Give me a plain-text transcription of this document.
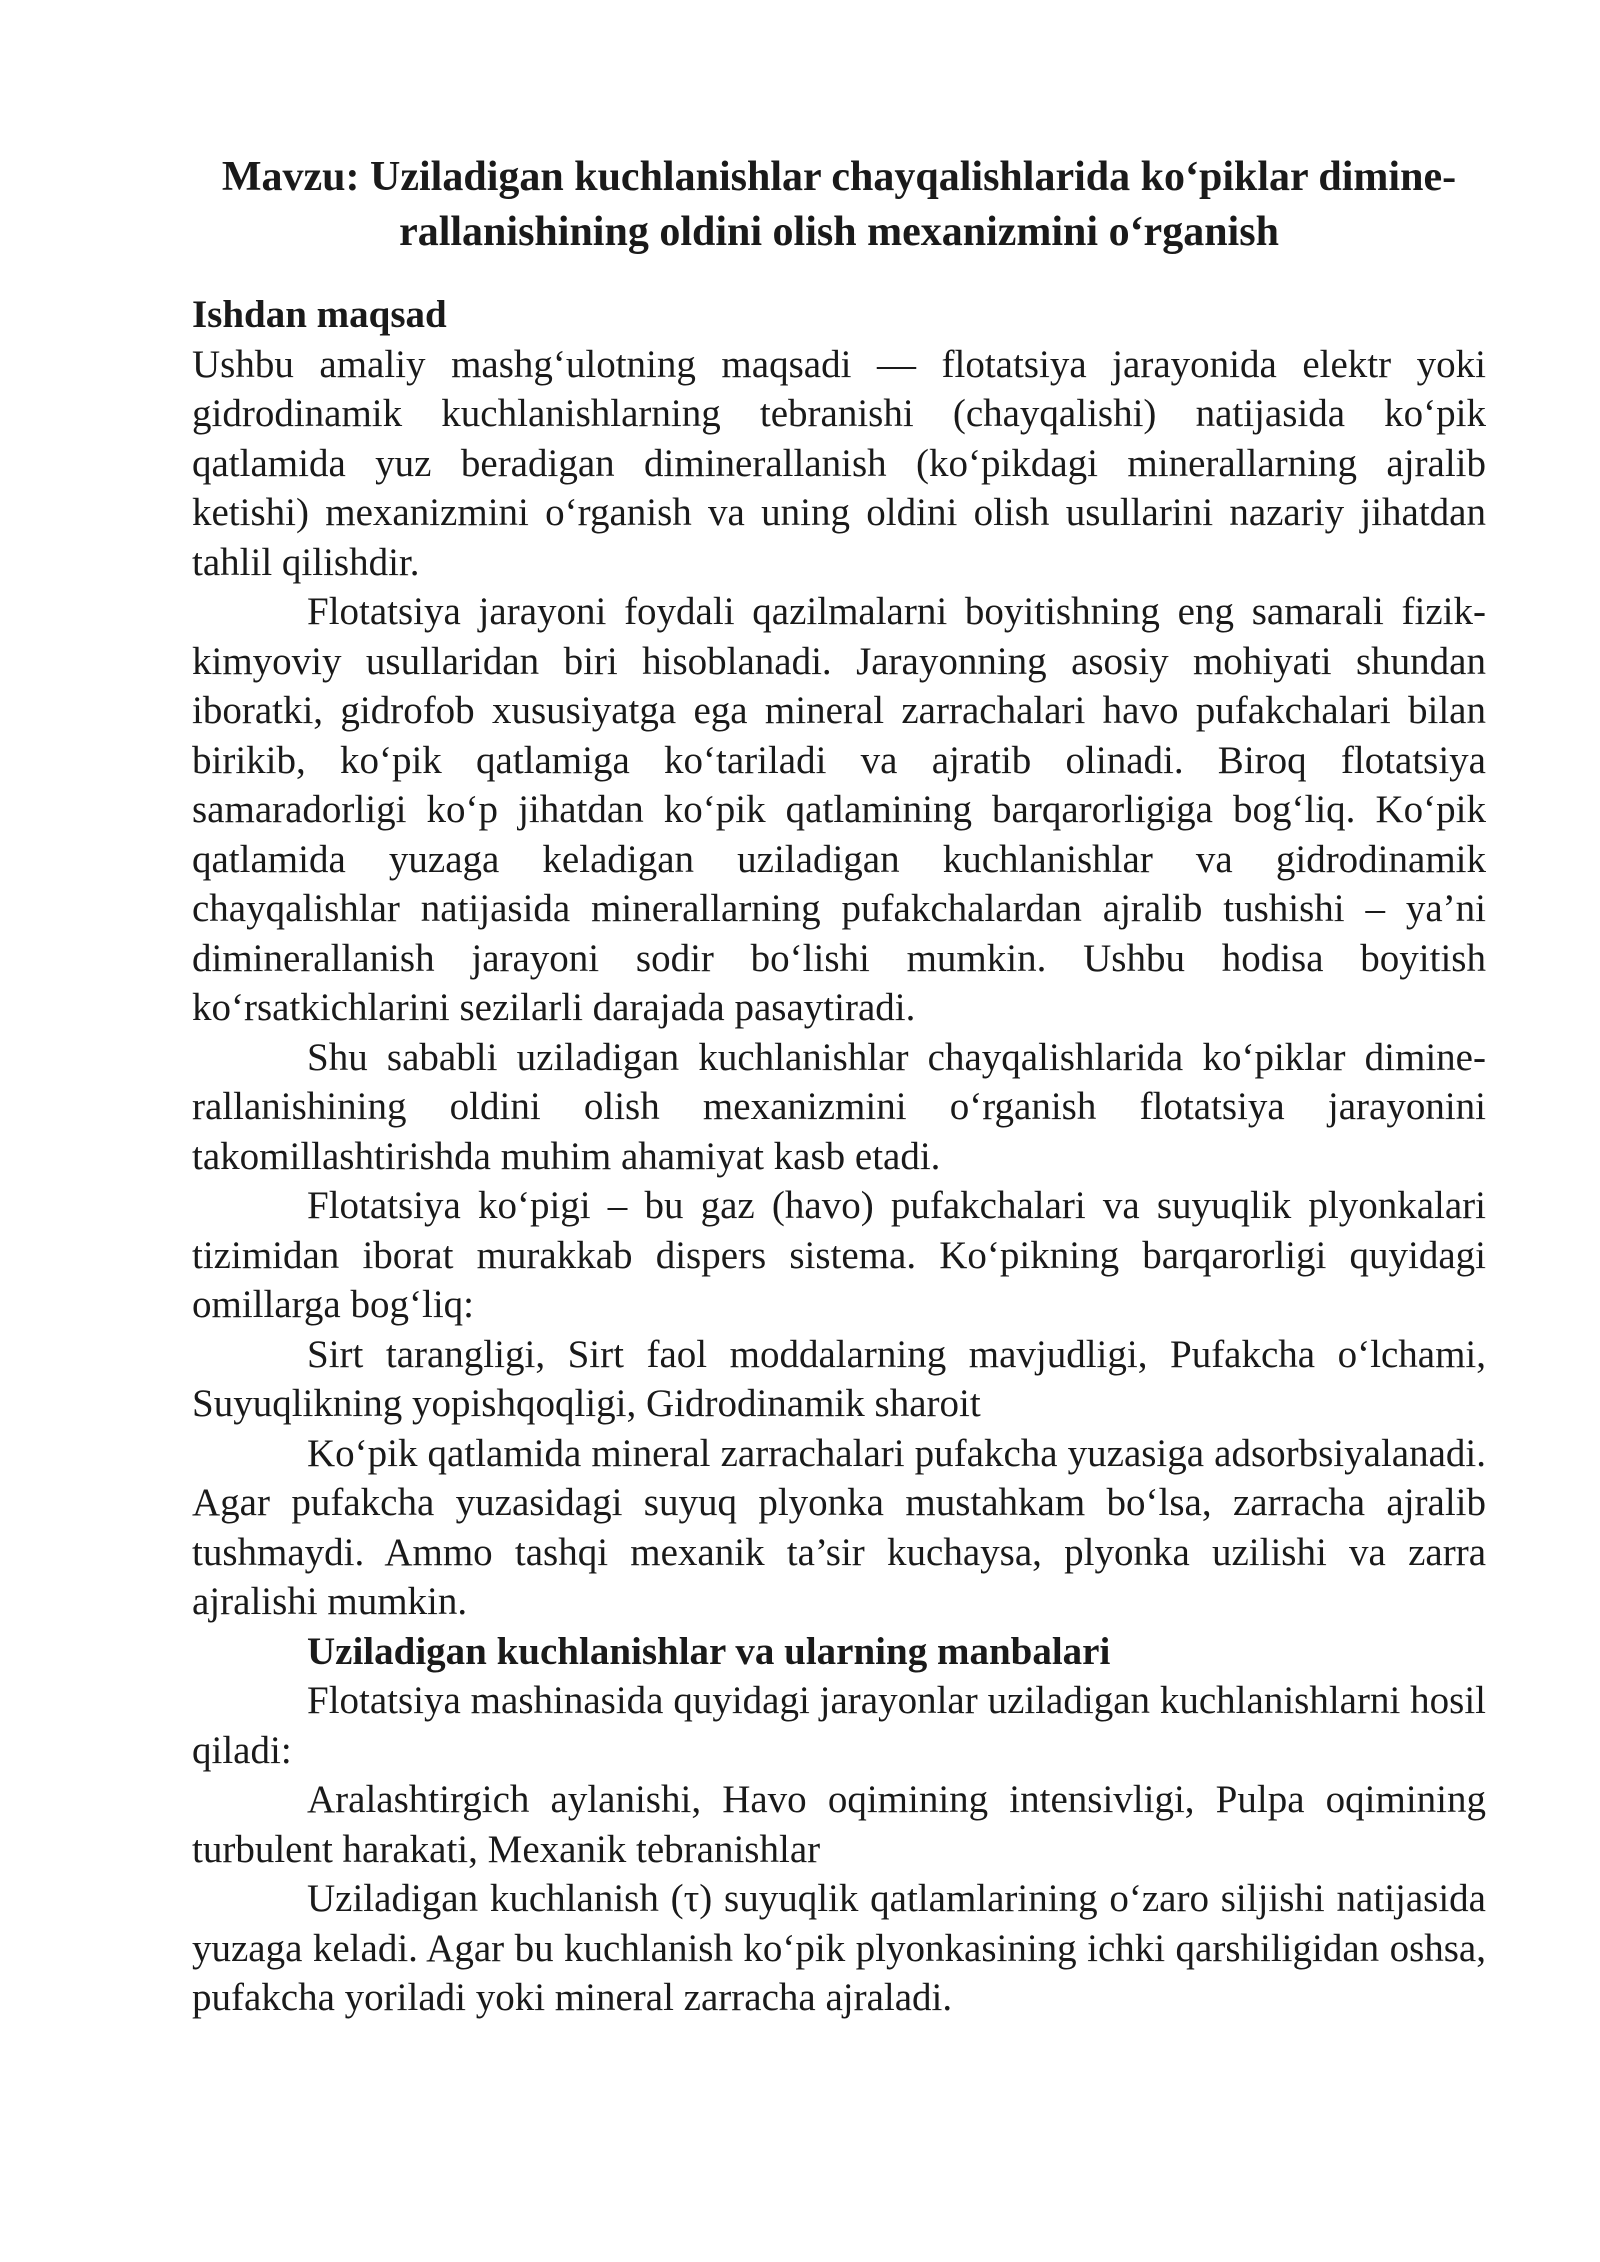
Mavzu: Uziladigan kuchlanishlar chayqalishlarida ko‘piklar diminerallanishining oldini olish mexanizmini o‘rganish
Ishdan maqsad

Ushbu amaliy mashg‘ulotning maqsadi — flotatsiya jarayonida elektr yoki gidrodinamik kuchlanishlarning tebranishi (chayqalishi) natijasida ko‘pik qatlamida yuz beradigan diminerallanish (ko‘pikdagi minerallarning ajralib ketishi) mexanizmini o‘rganish va uning oldini olish usullarini nazariy jihatdan tahlil qilishdir.

Flotatsiya jarayoni foydali qazilmalarni boyitishning eng samarali fizik-kimyoviy usullaridan biri hisoblanadi. Jarayonning asosiy mohiyati shundan iboratki, gidrofob xususiyatga ega mineral zarrachalari havo pufakchalari bilan birikib, ko‘pik qatlamiga ko‘tariladi va ajratib olinadi. Biroq flotatsiya samaradorligi ko‘p jihatdan ko‘pik qatlamining barqarorligiga bog‘liq. Ko‘pik qatlamida yuzaga keladigan uziladigan kuchlanishlar va gidrodinamik chayqalishlar natijasida minerallarning pufakchalardan ajralib tushishi – ya’ni diminerallanish jarayoni sodir bo‘lishi mumkin. Ushbu hodisa boyitish ko‘rsatkichlarini sezilarli darajada pasaytiradi.

Shu sababli uziladigan kuchlanishlar chayqalishlarida ko‘piklar diminerallanishining oldini olish mexanizmini o‘rganish flotatsiya jarayonini takomillashtirishda muhim ahamiyat kasb etadi.

Flotatsiya ko‘pigi – bu gaz (havo) pufakchalari va suyuqlik plyonkalari tizimidan iborat murakkab dispers sistema. Ko‘pikning barqarorligi quyidagi omillarga bog‘liq:

Sirt tarangligi, Sirt faol moddalarning mavjudligi, Pufakcha o‘lchami, Suyuqlikning yopishqoqligi, Gidrodinamik sharoit

Ko‘pik qatlamida mineral zarrachalari pufakcha yuzasiga adsorbsiyalanadi. Agar pufakcha yuzasidagi suyuq plyonka mustahkam bo‘lsa, zarracha ajralib tushmaydi. Ammo tashqi mexanik ta’sir kuchaysa, plyonka uzilishi va zarra ajralishi mumkin.

Uziladigan kuchlanishlar va ularning manbalari

Flotatsiya mashinasida quyidagi jarayonlar uziladigan kuchlanishlarni hosil qiladi:

Aralashtirgich aylanishi, Havo oqimining intensivligi, Pulpa oqimining turbulent harakati, Mexanik tebranishlar

Uziladigan kuchlanish (τ) suyuqlik qatlamlarining o‘zaro siljishi natijasida yuzaga keladi. Agar bu kuchlanish ko‘pik plyonkasining ichki qarshiligidan oshsa, pufakcha yoriladi yoki mineral zarracha ajraladi.
